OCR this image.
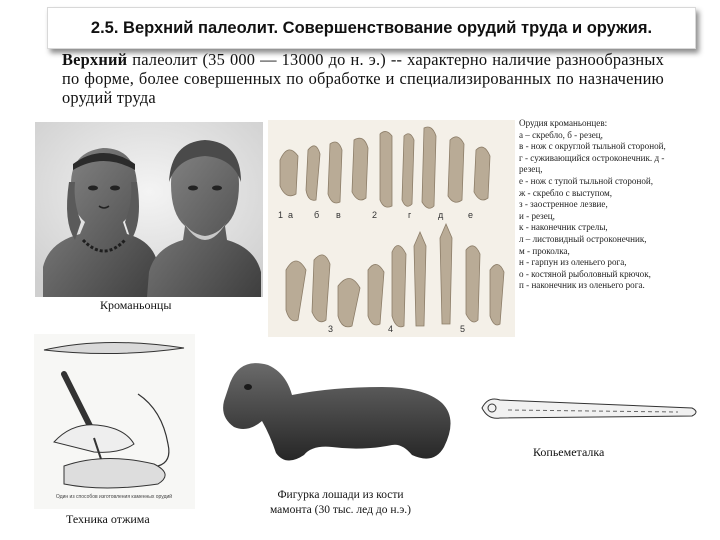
2.5. Верхний палеолит. Совершенствование орудий труда и оружия.
Верхний палеолит (35 000 — 13000 до н. э.) -- характерно наличие разнообразных по форме, более совершенных по обработке и специализированных по назначению орудий труда
Кроманьонцы
а б в	2
1	г	д	е
3	4	5
Орудия кроманьонцев:
а – скребло, б - резец,
в - нож с округлой тыльной стороной,
г - суживающийся остроконечник. д -
резец,
е - нож с тупой тыльной стороной,
ж - скребло с выступом,
з - заостренное лезвие,
и - резец,
к - наконечник стрелы,
л – листовидный остроконечник,
м - проколка,
н - гарпун из оленьего рога,
о - костяной рыболовный крючок,
п - наконечник из оленьего рога.
Один из способов изготовления каменных орудий
Техника отжима
Фигурка лошади из кости мамонта (30 тыс. лед до н.э.)
Копьеметалка
